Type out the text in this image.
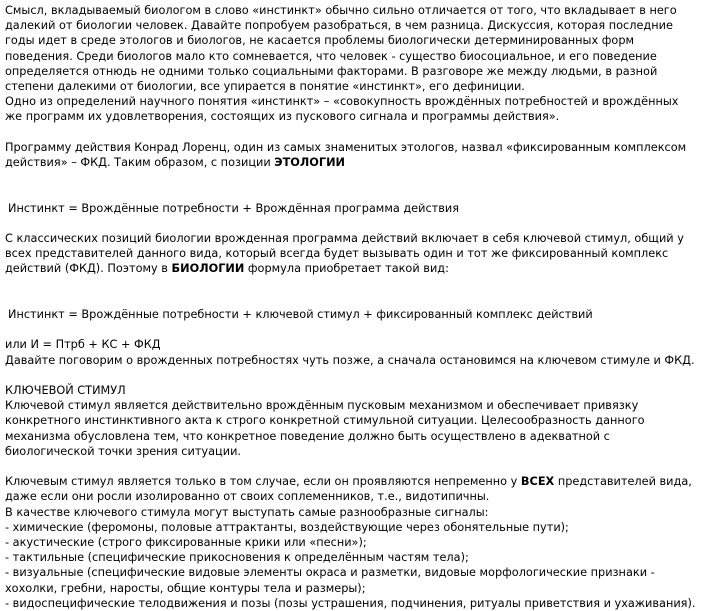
Смысл, вкладываемый биологом в слово «инстинкт» обычно сильно отличается от того, что вкладывает в него далекий от биологии человек. Давайте попробуем разобраться, в чем разница. Дискуссия, которая последние годы идет в среде этологов и биологов, не касается проблемы биологически детерминированных форм поведения. Среди биологов мало кто сомневается, что человек - существо биосоциальное, и его поведение определяется отнюдь не одними только социальными факторами. В разговоре же между людьми, в разной степени далекими от биологии, все упирается в понятие «инстинкт», его дефиниции.

Одно из определений научного понятия «инстинкт» – «совокупность врождённых потребностей и врождённых же программ их удовлетворения, состоящих из пускового сигнала и программы действия».

Программу действия Конрад Лоренц, один из самых знаменитых этологов, назвал «фиксированным комплексом действия» – ФКД. Таким образом, с позиции ЭТОЛОГИИ

Инстинкт = Врождённые потребности + Врождённая программа действия

С классических позиций биологии врожденная программа действий включает в себя ключевой стимул, общий у всех представителей данного вида, который всегда будет вызывать один и тот же фиксированный комплекс действий (ФКД). Поэтому в БИОЛОГИИ формула приобретает такой вид:

Инстинкт = Врождённые потребности + ключевой стимул + фиксированный комплекс действий

или И = Птрб + КС + ФКД

Давайте поговорим о врожденных потребностях чуть позже, а сначала остановимся на ключевом стимуле и ФКД.

КЛЮЧЕВОЙ СТИМУЛ

Ключевой стимул является действительно врождённым пусковым механизмом и обеспечивает привязку конкретного инстинктивного акта к строго конкретной стимульной ситуации. Целесообразность данного механизма обусловлена тем, что конкретное поведение должно быть осуществлено в адекватной с биологической точки зрения ситуации.

Ключевым стимул является только в том случае, если он проявляются непременно у ВСЕХ представителей вида, даже если они росли изолированно от своих соплеменников, т.е., видотипичны.

В качестве ключевого стимула могут выступать самые разнообразные сигналы:

- химические (феромоны, половые аттрактанты, воздействующие через обонятельные пути);

- акустические (строго фиксированные крики или «песни»);

- тактильные (специфические прикосновения к определённым частям тела);

- визуальные (специфические видовые элементы окраса и разметки, видовые морфологические признаки - хохолки, гребни, наросты, общие контуры тела и размеры);

- видоспецифические телодвижения и позы (позы устрашения, подчинения, ритуалы приветствия и ухаживания).
